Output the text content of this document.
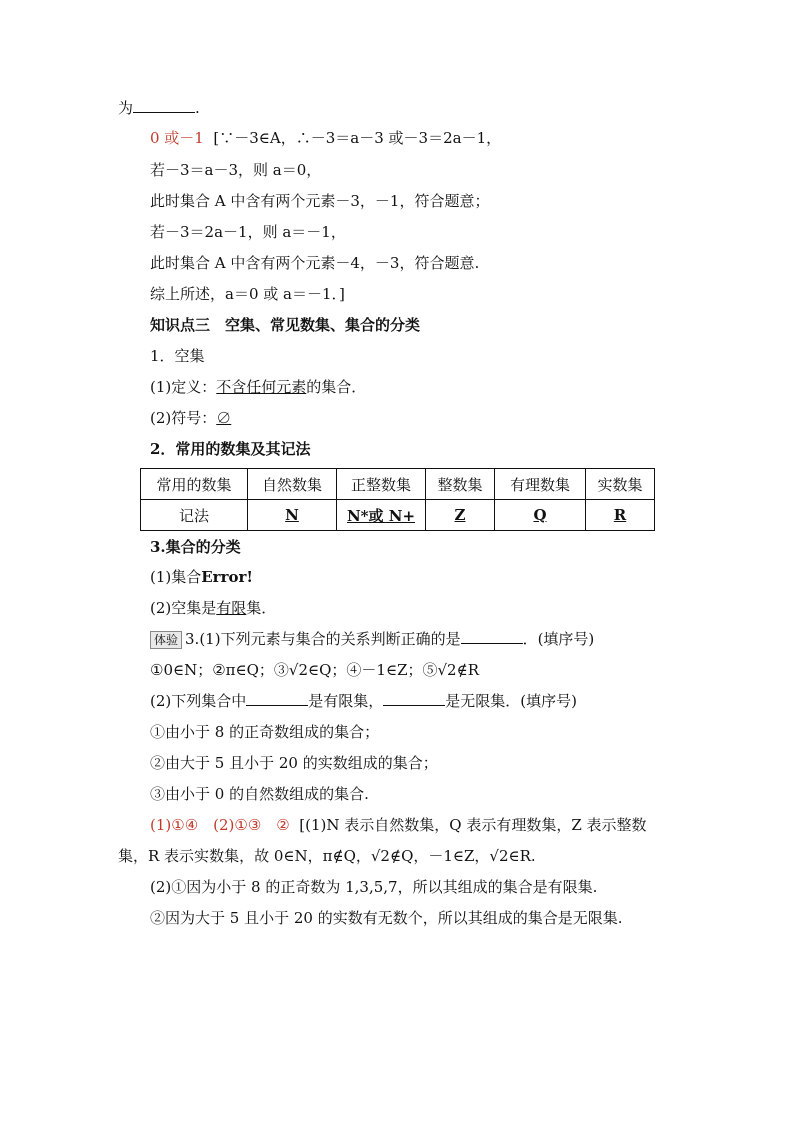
为	.
0 或－1 [∵－3∈A，∴－3＝a－3 或－3＝2a－1，
若－3＝a－3，则 a＝0，
此时集合 A 中含有两个元素－3，－1，符合题意；
若－3＝2a－1，则 a＝－1，
此时集合 A 中含有两个元素－4，－3，符合题意.
综上所述，a＝0 或 a＝－1．]
知识点三　空集、常见数集、集合的分类
1．空集
(1)定义：不含任何元素的集合．
(2)符号：∅
2．常用的数集及其记法
常用的数集	自然数集	正整数集	整数集	有理数集	实数集
记法	N	N*或 N+	Z	Q	R
3.集合的分类
(1)集合Error!
(2)空集是有限集．
体验 3.(1)下列元素与集合的关系判断正确的是	．(填序号)
①0∈N；②π∈Q；③√2∈Q；④－1∈Z；⑤√2∉R
(2)下列集合中	是有限集，	是无限集．(填序号)
①由小于 8 的正奇数组成的集合；
②由大于 5 且小于 20 的实数组成的集合；
③由小于 0 的自然数组成的集合.
(1)①④　(2)①③　② [(1)N 表示自然数集，Q 表示有理数集，Z 表示整数
集，R 表示实数集，故 0∈N，π∉Q，√2∉Q，－1∈Z，√2∈R.
(2)①因为小于 8 的正奇数为 1,3,5,7，所以其组成的集合是有限集.
②因为大于 5 且小于 20 的实数有无数个，所以其组成的集合是无限集.
